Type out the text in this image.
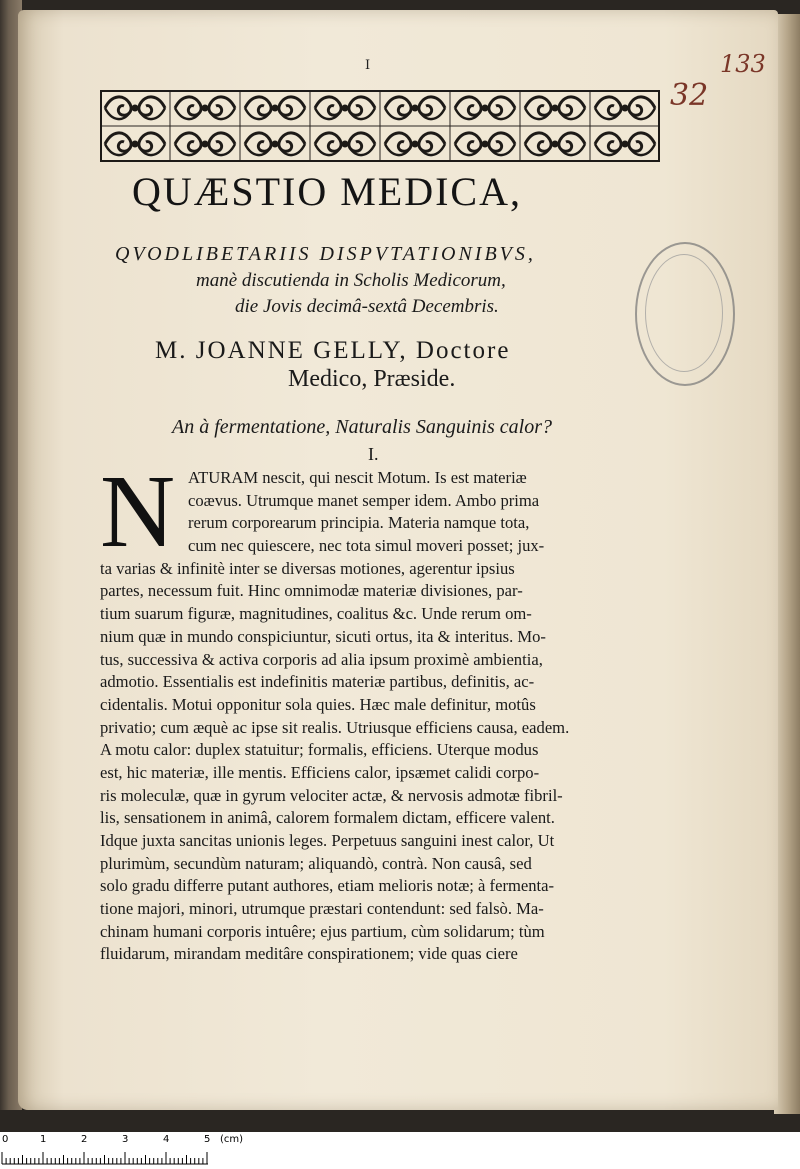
I	133
32
QUÆSTIO MEDICA,
QVODLIBETARIIS DISPVTATIONIBVS,
manè discutienda in Scholis Medicorum,
die Jovis decimâ-sextâ Decembris.
M. JOANNE GELLY, Doctore
Medico, Præside.
An à fermentatione, Naturalis Sanguinis calor?
I.
N ATURAM nescit, qui nescit Motum. Is est materiæ
coævus. Utrumque manet semper idem. Ambo prima
rerum corporearum principia. Materia namque tota,
cum nec quiescere, nec tota simul moveri posset; jux-
ta varias & infinitè inter se diversas motiones, agerentur ipsius
partes, necessum fuit. Hinc omnimodæ materiæ divisiones, par-
tium suarum figuræ, magnitudines, coalitus &c. Unde rerum om-
nium quæ in mundo conspiciuntur, sicuti ortus, ita & interitus. Mo-
tus, successiva & activa corporis ad alia ipsum proximè ambientia,
admotio. Essentialis est indefinitis materiæ partibus, definitis, ac-
cidentalis. Motui opponitur sola quies. Hæc male definitur, motûs
privatio; cum æquè ac ipse sit realis. Utriusque efficiens causa, eadem.
A motu calor: duplex statuitur; formalis, efficiens. Uterque modus
est, hic materiæ, ille mentis. Efficiens calor, ipsæmet calidi corpo-
ris moleculæ, quæ in gyrum velociter actæ, & nervosis admotæ fibril-
lis, sensationem in animâ, calorem formalem dictam, efficere valent.
Idque juxta sancitas unionis leges. Perpetuus sanguini inest calor, Ut
plurimùm, secundùm naturam; aliquandò, contrà. Non causâ, sed
solo gradu differre putant authores, etiam melioris notæ; à fermenta-
tione majori, minori, utrumque præstari contendunt: sed falsò. Ma-
chinam humani corporis intuêre; ejus partium, cùm solidarum; tùm
fluidarum, mirandam meditâre conspirationem; vide quas ciere
0	1	2	3	4	5 (cm)
